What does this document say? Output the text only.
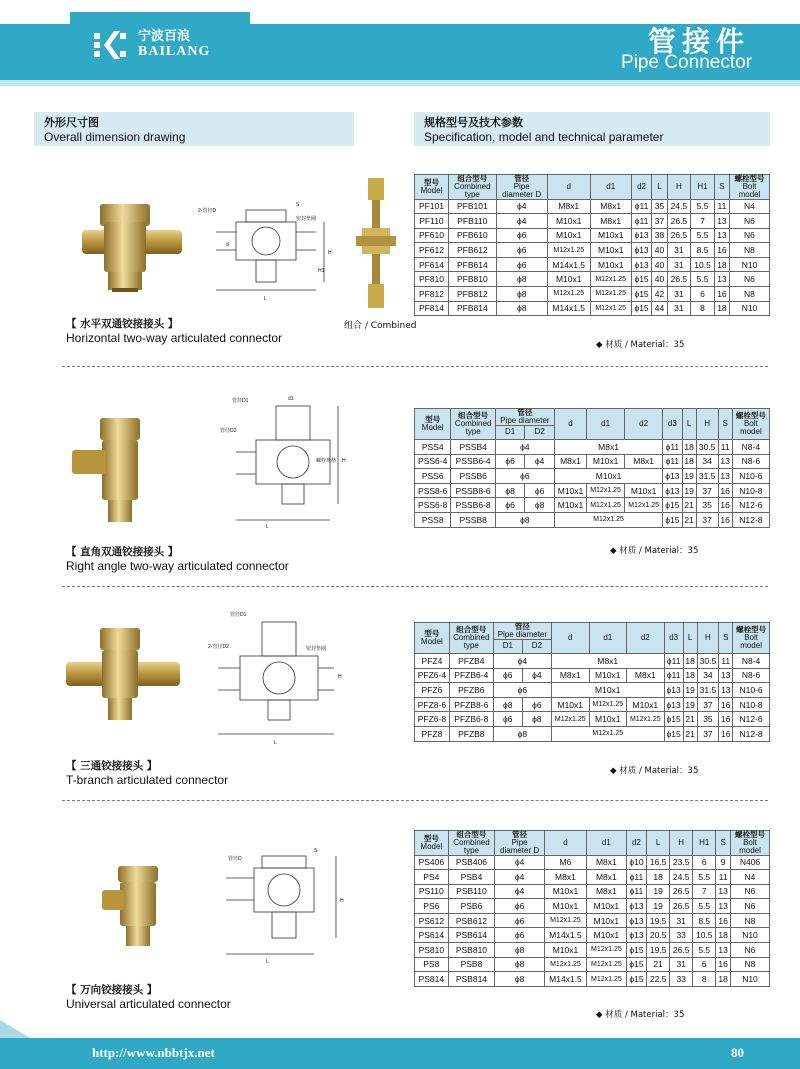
宁波百浪
BAILANG	管接件
Pipe Connector
外形尺寸图
Overall dimension drawing
规格型号及技术参数
Specification, model and technical parameter
2-管径D
S
密封垫圈
L
H
H1
d
组合 / Combined
【 水平双通铰接接头 】
Horizontal two-way articulated connector
型号
Model	组合型号
Combined
type	管径
Pipe
diameter D	d	d1	d2	L	H	H1	S	螺栓型号
Bolt
model
PF101	PFB101	ϕ4	M8x1	M8x1	ϕ11	35	24.5	5.5	11	N4
PF110	PFB110	ϕ4	M10x1	M8x1	ϕ11	37	26.5	7	13	N6
PF610	PFB610	ϕ6	M10x1	M10x1	ϕ13	38	26.5	5.5	13	N6
PF612	PFB612	ϕ6	M12x1.25	M10x1	ϕ13	40	31	8.5	16	N8
PF614	PFB614	ϕ6	M14x1.5	M10x1	ϕ13	40	31	10.5	18	N10
PF810	PFB810	ϕ8	M10x1	M12x1.25	ϕ15	40	26.5	5.5	13	N6
PF812	PFB812	ϕ8	M12x1.25	M12x1.25	ϕ15	42	31	6	16	N8
PF814	PFB814	ϕ8	M14x1.5	M12x1.25	ϕ15	44	31	8	18	N10
◆ 材质 / Material：35
管径D1	d1
管径D2
螺栓规格 H
L
【 直角双通铰接接头 】
Right angle two-way articulated connector
型号
Model	组合型号
Combined
type	管径
Pipe diameter		d	d1	d2	d3	L	H	S	螺栓型号
Bolt
model
		D1	D2								
PSS4	PSSB4	ϕ4		M8x1			ϕ11	18	30.5	11	N8-4
PSS6-4	PSSB6-4	ϕ6	ϕ4	M8x1	M10x1	M8x1	ϕ11	18	34	13	N8-6
PSS6	PSSB6	ϕ6		M10x1			ϕ13	19	31.5	13	N10-6
PSS8-6	PSSB8-6	ϕ8	ϕ6	M10x1	M12x1.25	M10x1	ϕ13	19	37	16	N10-8
PSS6-8	PSSB6-8	ϕ6	ϕ8	M10x1	M12x1.25	M12x1.25	ϕ15	21	35	16	N12-6
PSS8	PSSB8	ϕ8		M12x1.25			ϕ15	21	37	16	N12-8
◆ 材质 / Material：35
管径D1
2-管径D2	密封垫圈
H
L
【 三通铰接接头 】
T-branch articulated connector
型号
Model	组合型号
Combined
type	管径
Pipe diameter		d	d1	d2	d3	L	H	S	螺栓型号
Bolt
model
		D1	D2								
PFZ4	PFZB4	ϕ4		M8x1			ϕ11	18	30.5	11	N8-4
PFZ6-4	PFZB6-4	ϕ6	ϕ4	M8x1	M10x1	M8x1	ϕ11	18	34	13	N8-6
PFZ6	PFZB6	ϕ6		M10x1			ϕ13	19	31.5	13	N10-6
PFZ8-6	PFZB8-6	ϕ8	ϕ6	M10x1	M12x1.25	M10x1	ϕ13	19	37	16	N10-8
PFZ6-8	PFZB6-8	ϕ6	ϕ8	M12x1.25	M10x1	M12x1.25	ϕ15	21	35	16	N12-6
PFZ8	PFZB8	ϕ8		M12x1.25			ϕ15	21	37	16	N12-8
◆ 材质 / Material：35
管径D
S
H
L
【 万向铰接接头 】
Universal articulated connector
型号
Model	组合型号
Combined
type	管径
Pipe
diameter D	d	d1	d2	L	H	H1	S	螺栓型号
Bolt
model
PS406	PSB406	ϕ4	M6	M8x1	ϕ10	16.5	23.5	6	9	N406
PS4	PSB4	ϕ4	M8x1	M8x1	ϕ11	18	24.5	5.5	11	N4
PS110	PSB110	ϕ4	M10x1	M8x1	ϕ11	19	26.5	7	13	N6
PS6	PSB6	ϕ6	M10x1	M10x1	ϕ13	19	26.5	5.5	13	N6
PS612	PSB612	ϕ6	M12x1.25	M10x1	ϕ13	19.5	31	8.5	16	N8
PS614	PSB614	ϕ6	M14x1.5	M10x1	ϕ13	20.5	33	10.5	18	N10
PS810	PSB810	ϕ8	M10x1	M12x1.25	ϕ15	19.5	26.5	5.5	13	N6
PS8	PSB8	ϕ8	M12x1.25	M12x1.25	ϕ15	21	31	6	16	N8
PS814	PSB814	ϕ8	M14x1.5	M12x1.25	ϕ15	22.5	33	8	18	N10
◆ 材质 / Material：35
http://www.nbbtjx.net	80
